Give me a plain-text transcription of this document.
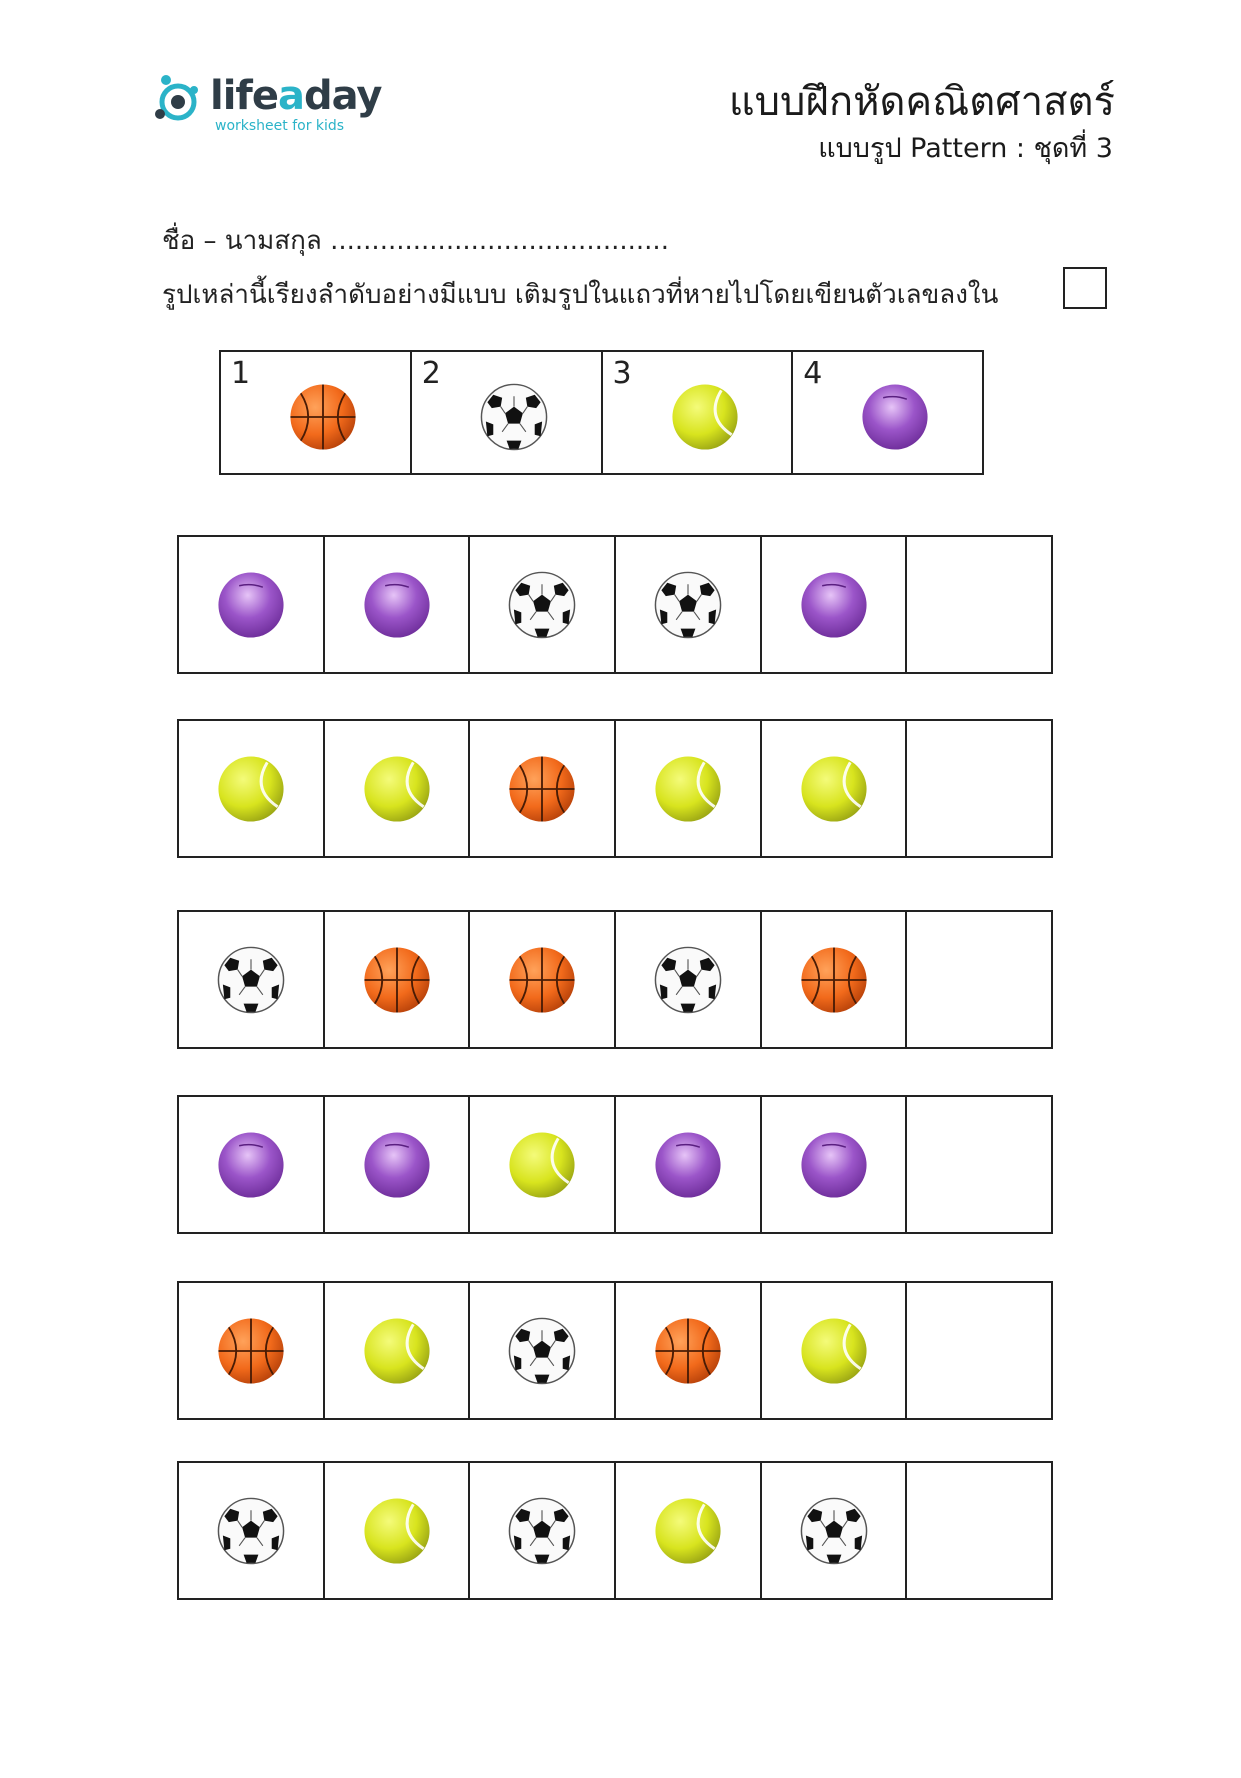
lifeaday
worksheet for kids
แบบฝึกหัดคณิตศาสตร์
แบบรูป Pattern : ชุดที่ 3
ชื่อ – นามสกุล .........................................
รูปเหล่านี้เรียงลำดับอย่างมีแบบ เติมรูปในแถวที่หายไปโดยเขียนตัวเลขลงใน
1	2	3	4
